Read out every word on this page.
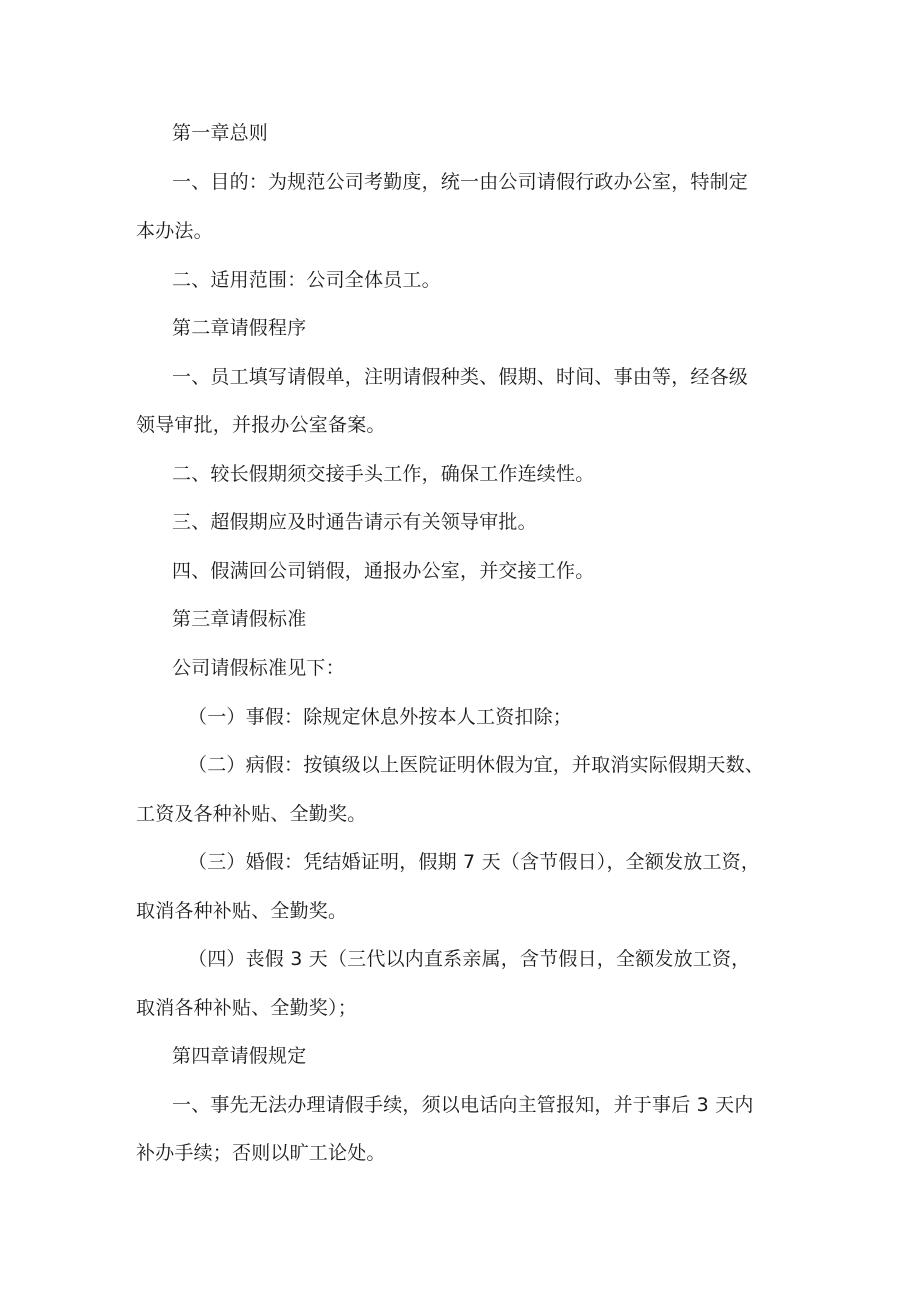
第一章总则
一、目的：为规范公司考勤度，统一由公司请假行政办公室，特制定
本办法。
二、适用范围：公司全体员工。
第二章请假程序
一、员工填写请假单，注明请假种类、假期、时间、事由等，经各级
领导审批，并报办公室备案。
二、较长假期须交接手头工作，确保工作连续性。
三、超假期应及时通告请示有关领导审批。
四、假满回公司销假，通报办公室，并交接工作。
第三章请假标准
公司请假标准见下：
（一）事假：除规定休息外按本人工资扣除；
（二）病假：按镇级以上医院证明休假为宜，并取消实际假期天数、
工资及各种补贴、全勤奖。
（三）婚假：凭结婚证明，假期 7 天（含节假日），全额发放工资，
取消各种补贴、全勤奖。
（四）丧假 3 天（三代以内直系亲属，含节假日，全额发放工资，
取消各种补贴、全勤奖）；
第四章请假规定
一、事先无法办理请假手续，须以电话向主管报知，并于事后 3 天内
补办手续；否则以旷工论处。
